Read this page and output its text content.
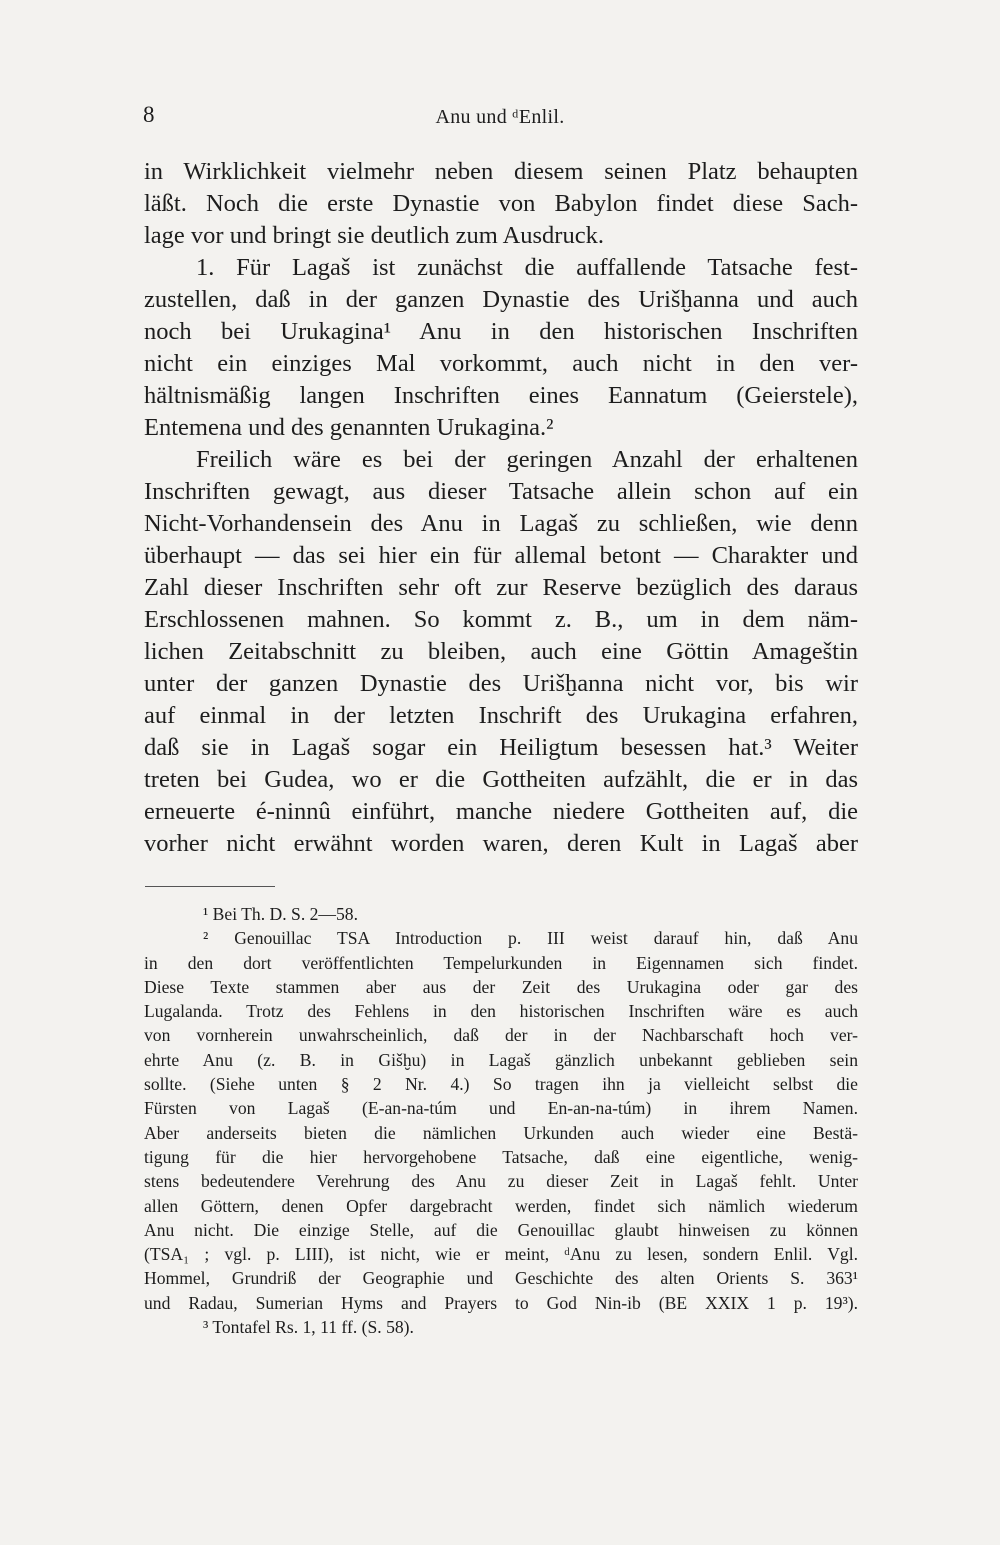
8	Anu und ᵈEnlil.
in Wirklichkeit vielmehr neben diesem seinen Platz behaupten
läßt. Noch die erste Dynastie von Babylon findet diese Sach-
lage vor und bringt sie deutlich zum Ausdruck.
1. Für Lagaš ist zunächst die auffallende Tatsache fest-
zustellen, daß in der ganzen Dynastie des Urišḫanna und auch
noch bei Urukagina¹ Anu in den historischen Inschriften
nicht ein einziges Mal vorkommt, auch nicht in den ver-
hältnismäßig langen Inschriften eines Eannatum (Geierstele),
Entemena und des genannten Urukagina.²
Freilich wäre es bei der geringen Anzahl der erhaltenen
Inschriften gewagt, aus dieser Tatsache allein schon auf ein
Nicht-Vorhandensein des Anu in Lagaš zu schließen, wie denn
überhaupt — das sei hier ein für allemal betont — Charakter und
Zahl dieser Inschriften sehr oft zur Reserve bezüglich des daraus
Erschlossenen mahnen. So kommt z. B., um in dem näm-
lichen Zeitabschnitt zu bleiben, auch eine Göttin Amageštin
unter der ganzen Dynastie des Urišḫanna nicht vor, bis wir
auf einmal in der letzten Inschrift des Urukagina erfahren,
daß sie in Lagaš sogar ein Heiligtum besessen hat.³ Weiter
treten bei Gudea, wo er die Gottheiten aufzählt, die er in das
erneuerte é-ninnû einführt, manche niedere Gottheiten auf, die
vorher nicht erwähnt worden waren, deren Kult in Lagaš aber
¹ Bei Th. D. S. 2—58.
² Genouillac TSA Introduction p. III weist darauf hin, daß Anu
in den dort veröffentlichten Tempelurkunden in Eigennamen sich findet.
Diese Texte stammen aber aus der Zeit des Urukagina oder gar des
Lugalanda. Trotz des Fehlens in den historischen Inschriften wäre es auch
von vornherein unwahrscheinlich, daß der in der Nachbarschaft hoch ver-
ehrte Anu (z. B. in Gišḫu) in Lagaš gänzlich unbekannt geblieben sein
sollte. (Siehe unten § 2 Nr. 4.) So tragen ihn ja vielleicht selbst die
Fürsten von Lagaš (E-an-na-túm und En-an-na-túm) in ihrem Namen.
Aber anderseits bieten die nämlichen Urkunden auch wieder eine Bestä-
tigung für die hier hervorgehobene Tatsache, daß eine eigentliche, wenig-
stens bedeutendere Verehrung des Anu zu dieser Zeit in Lagaš fehlt. Unter
allen Göttern, denen Opfer dargebracht werden, findet sich nämlich wiederum
Anu nicht. Die einzige Stelle, auf die Genouillac glaubt hinweisen zu können
(TSA₁ ; vgl. p. LIII), ist nicht, wie er meint, ᵈAnu zu lesen, sondern Enlil. Vgl.
Hommel, Grundriß der Geographie und Geschichte des alten Orients S. 363¹
und Radau, Sumerian Hyms and Prayers to God Nin-ib (BE XXIX 1 p. 19³).
³ Tontafel Rs. 1, 11 ff. (S. 58).
